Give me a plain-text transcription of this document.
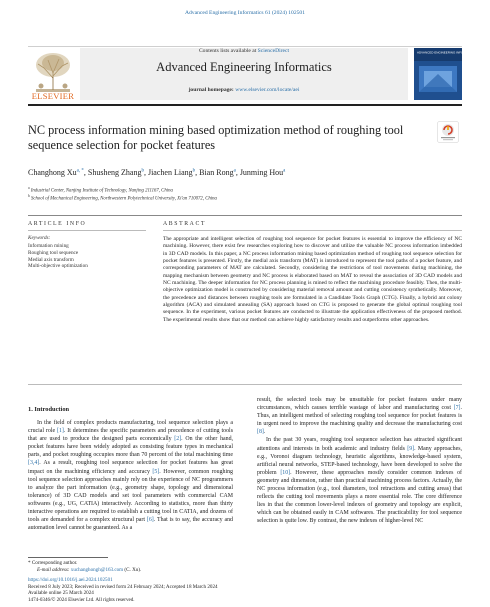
Advanced Engineering Informatics 61 (2024) 102501
ELSEVIER
Contents lists available at ScienceDirect
Advanced Engineering Informatics
journal homepage: www.elsevier.com/locate/aei
ADVANCED ENGINEERING INFORMATICS
NC process information mining based optimization method of roughing tool sequence selection for pocket features
Changhong $Xu^{a, *}$, Shusheng Zhang$^b$, Jiachen Liang$^b$, Bian Rong$^a$, Junming Hou$^a$
$^a$ Industrial Center, Nanjing Institute of Technology, Nanjing 211167, China
$^b$ School of Mechanical Engineering, Northwestern Polytechnical University, Xi'an 710072, China
ARTICLE INFO	ABSTRACT
Keywords:
Information mining
Roughing tool sequence
Medial axis transform
Multi-objective optimization
The appropriate and intelligent selection of roughing tool sequence for pocket features is essential to improve the efficiency of NC machining. However, there exist few researches exploring how to discover and utilize the valuable NC process information imbedded in 3D CAD models. In this paper, a NC process information mining based optimization method of roughing tool sequence selection for pocket features is presented. Firstly, the medial axis transform (MAT) is introduced to represent the tool paths of a pocket feature, and corresponding parameters of MAT are calculated. Secondly, considering the restrictions of tool movements during machining, the mapping mechanism between geometry and NC process is elaborated based on MAT to reveal the association of 3D CAD models and NC machining. The deeper information for NC process planning is mined to reflect the machining procedure feasibly. Then, the multi-objective optimization model is constructed by considering material removal amount and cutting consistency synthetically. Moreover, the precedence and distances between roughing tools are formulated in a Candidate Tools Graph (CTG). Finally, a hybrid ant colony algorithm (ACA) and simulated annealing (SA) approach based on CTG is proposed to generate the global optimal roughing tool sequence. In the experiment, various pocket features are conducted to illustrate the application effectiveness of the proposed method. The experimental results show that our method can achieve highly satisfactory results and outperforms other approaches.
1. Introduction

In the field of complex products manufacturing, tool sequence selection plays a crucial role [1]. It determines the specific parameters and precedence of cutting tools that are used to produce the designed parts economically [2]. On the other hand, pocket features have been widely adopted as consisting feature types in mechanical parts, and pocket roughing occupies more than 70 percent of the total machining time [3,4]. As a result, roughing tool sequence selection for pocket features has great impact on the machining efficiency and accuracy [5]. However, common roughing tool sequence selection approaches mainly rely on the experience of NC programmers to analyze the part information (e.g., geometry shape, topology and dimensional tolerance) of 3D CAD models and set tool parameters with commercial CAM softwares (e.g., UG, CATIA) interactively. According to statistics, more than thirty interactive operations are required to establish a cutting tool in CATIA, and dozens of tools are demanded for a complex structural part [6]. That is to say, the accuracy and automation level cannot be guaranteed. As a

result, the selected tools may be unsuitable for pocket features under many circumstances, which causes terrible wastage of labor and manufacturing cost [7]. Thus, an intelligent method of selecting roughing tool sequence for pocket features is in urgent need to improve the machining quality and decrease the manufacturing cost [8].

In the past 30 years, roughing tool sequence selection has attracted significant attentions and interests in both academic and industry fields [9]. Many approaches, e.g., Voronoi diagram technology, heuristic algorithms, knowledge-based system, artificial neural networks, STEP-based technology, have been developed to solve the problem [10]. However, these approaches mostly consider common indexes of geometry and dimension, rather than practical machining process factors. Actually, the NC process information (e.g., tool diameters, tool retractions and cutting areas) that reflects the cutting tool movements plays a more essential role. The core difference lies in that the common lower-level indexes of geometry and topology are explicit, which can be obtained easily in CAM softwares. The practicability for tool sequence selection is quite low. By contrast, the new indexes of higher-level NC

* Corresponding author.
E-mail address: xuchanghongh@163.com (C. Xu).
https://doi.org/10.1016/j.aei.2024.102501
Received 8 July 2023; Received in revised form 24 February 2024; Accepted 18 March 2024
Available online 25 March 2024
1474-0346/© 2024 Elsevier Ltd. All rights reserved.
